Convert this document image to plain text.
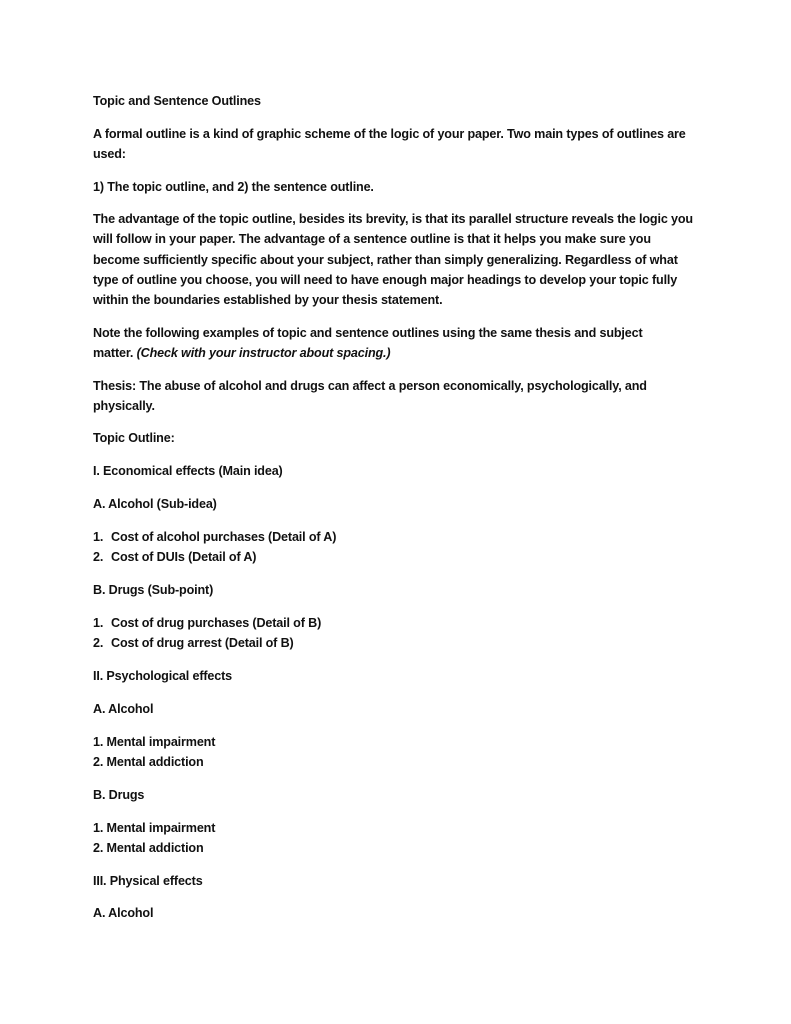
Topic and Sentence Outlines
A formal outline is a kind of graphic scheme of the logic of your paper. Two main types of outlines are used:
1) The topic outline, and 2) the sentence outline.
The advantage of the topic outline, besides its brevity, is that its parallel structure reveals the logic you will follow in your paper. The advantage of a sentence outline is that it helps you make sure you become sufficiently specific about your subject, rather than simply generalizing. Regardless of what type of outline you choose, you will need to have enough major headings to develop your topic fully within the boundaries established by your thesis statement.
Note the following examples of topic and sentence outlines using the same thesis and subject matter. (Check with your instructor about spacing.)
Thesis: The abuse of alcohol and drugs can affect a person economically, psychologically, and physically.
Topic Outline:
I. Economical effects (Main idea)
A. Alcohol (Sub-idea)
1. Cost of alcohol purchases (Detail of A)
2. Cost of DUIs (Detail of A)
B. Drugs (Sub-point)
1. Cost of drug purchases (Detail of B)
2. Cost of drug arrest (Detail of B)
II. Psychological effects
A. Alcohol
1. Mental impairment
2. Mental addiction
B. Drugs
1. Mental impairment
2. Mental addiction
III. Physical effects
A. Alcohol
